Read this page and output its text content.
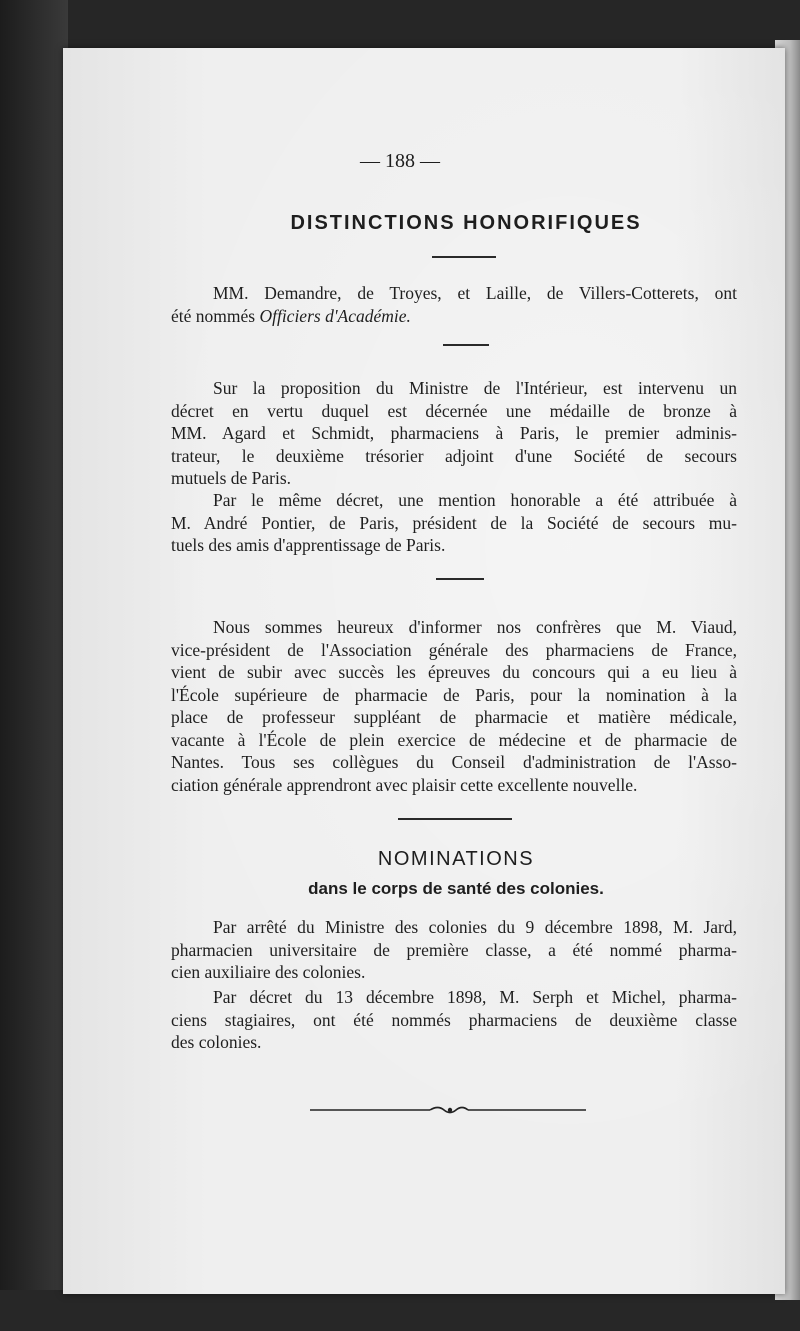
— 188 —
DISTINCTIONS HONORIFIQUES
MM. Demandre, de Troyes, et Laille, de Villers-Cotterets, ont
été nommés Officiers d'Académie.
Sur la proposition du Ministre de l'Intérieur, est intervenu un
décret en vertu duquel est décernée une médaille de bronze à
MM. Agard et Schmidt, pharmaciens à Paris, le premier adminis-
trateur, le deuxième trésorier adjoint d'une Société de secours
mutuels de Paris.
Par le même décret, une mention honorable a été attribuée à
M. André Pontier, de Paris, président de la Société de secours mu-
tuels des amis d'apprentissage de Paris.
Nous sommes heureux d'informer nos confrères que M. Viaud,
vice-président de l'Association générale des pharmaciens de France,
vient de subir avec succès les épreuves du concours qui a eu lieu à
l'École supérieure de pharmacie de Paris, pour la nomination à la
place de professeur suppléant de pharmacie et matière médicale,
vacante à l'École de plein exercice de médecine et de pharmacie de
Nantes. Tous ses collègues du Conseil d'administration de l'Asso-
ciation générale apprendront avec plaisir cette excellente nouvelle.
NOMINATIONS
dans le corps de santé des colonies.
Par arrêté du Ministre des colonies du 9 décembre 1898, M. Jard,
pharmacien universitaire de première classe, a été nommé pharma-
cien auxiliaire des colonies.
Par décret du 13 décembre 1898, M. Serph et Michel, pharma-
ciens stagiaires, ont été nommés pharmaciens de deuxième classe
des colonies.
